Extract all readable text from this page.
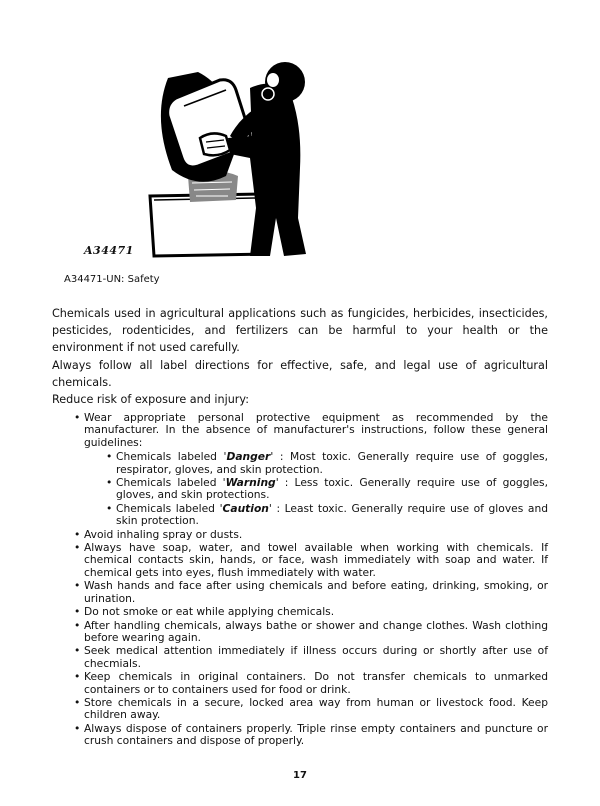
A34471
A34471-UN: Safety
Chemicals used in agricultural applications such as fungicides, herbicides, insecticides, pesticides, rodenticides, and fertilizers can be harmful to your health or the environment if not used carefully.
Always follow all label directions for effective, safe, and legal use of agricultural chemicals.
Reduce risk of exposure and injury:
• Wear appropriate personal protective equipment as recommended by the manufacturer. In the absence of manufacturer's instructions, follow these general guidelines:
• Chemicals labeled 'Danger' : Most toxic. Generally require use of goggles, respirator, gloves, and skin protection.
• Chemicals labeled 'Warning' : Less toxic. Generally require use of goggles, gloves, and skin protections.
• Chemicals labeled 'Caution' : Least toxic. Generally require use of gloves and skin protection.
• Avoid inhaling spray or dusts.
• Always have soap, water, and towel available when working with chemicals. If chemical contacts skin, hands, or face, wash immediately with soap and water. If chemical gets into eyes, flush immediately with water.
• Wash hands and face after using chemicals and before eating, drinking, smoking, or urination.
• Do not smoke or eat while applying chemicals.
• After handling chemicals, always bathe or shower and change clothes. Wash clothing before wearing again.
• Seek medical attention immediately if illness occurs during or shortly after use of checmials.
• Keep chemicals in original containers. Do not transfer chemicals to unmarked containers or to containers used for food or drink.
• Store chemicals in a secure, locked area way from human or livestock food. Keep children away.
• Always dispose of containers properly. Triple rinse empty containers and puncture or crush containers and dispose of properly.
17
